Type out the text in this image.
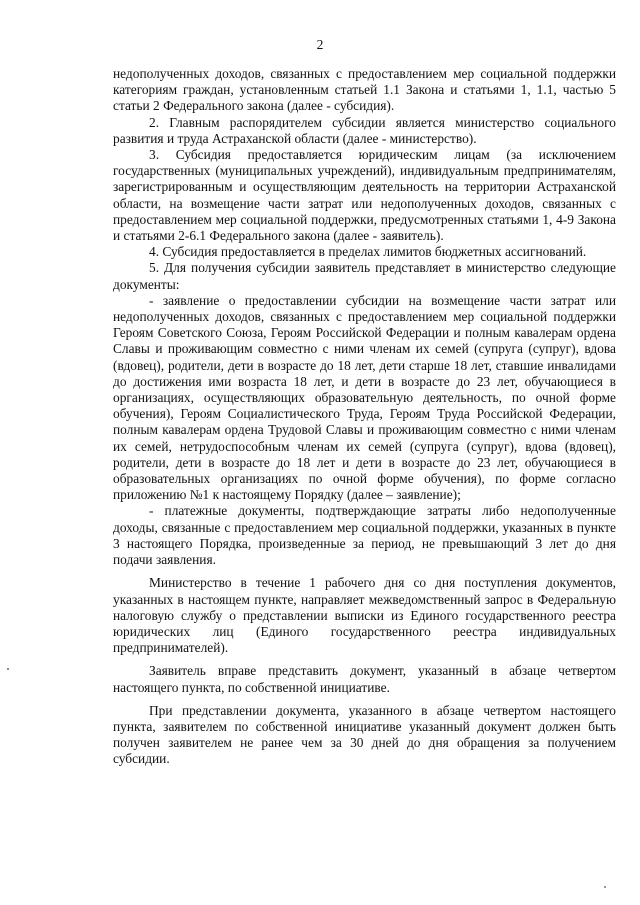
2

недополученных доходов, связанных с предоставлением мер социальной поддержки категориям граждан, установленным статьей 1.1 Закона и статьями 1, 1.1, частью 5 статьи 2 Федерального закона (далее - субсидия).

2. Главным распорядителем субсидии является министерство социального развития и труда Астраханской области (далее - министерство).

3. Субсидия предоставляется юридическим лицам (за исключением государственных (муниципальных учреждений), индивидуальным предпринимателям, зарегистрированным и осуществляющим деятельность на территории Астраханской области, на возмещение части затрат или недополученных доходов, связанных с предоставлением мер социальной поддержки, предусмотренных статьями 1, 4-9 Закона и статьями 2-6.1 Федерального закона (далее - заявитель).

4. Субсидия предоставляется в пределах лимитов бюджетных ассигнований.

5. Для получения субсидии заявитель представляет в министерство следующие документы:

- заявление о предоставлении субсидии на возмещение части затрат или недополученных доходов, связанных с предоставлением мер социальной поддержки Героям Советского Союза, Героям Российской Федерации и полным кавалерам ордена Славы и проживающим совместно с ними членам их семей (супруга (супруг), вдова (вдовец), родители, дети в возрасте до 18 лет, дети старше 18 лет, ставшие инвалидами до достижения ими возраста 18 лет, и дети в возрасте до 23 лет, обучающиеся в организациях, осуществляющих образовательную деятельность, по очной форме обучения), Героям Социалистического Труда, Героям Труда Российской Федерации, полным кавалерам ордена Трудовой Славы и проживающим совместно с ними членам их семей, нетрудоспособным членам их семей (супруга (супруг), вдова (вдовец), родители, дети в возрасте до 18 лет и дети в возрасте до 23 лет, обучающиеся в образовательных организациях по очной форме обучения), по форме согласно приложению №1 к настоящему Порядку (далее – заявление);

- платежные документы, подтверждающие затраты либо недополученные доходы, связанные с предоставлением мер социальной поддержки, указанных в пункте 3 настоящего Порядка, произведенные за период, не превышающий 3 лет до дня подачи заявления.

Министерство в течение 1 рабочего дня со дня поступления документов, указанных в настоящем пункте, направляет межведомственный запрос в Федеральную налоговую службу о представлении выписки из Единого государственного реестра юридических лиц (Единого государственного реестра индивидуальных предпринимателей).

Заявитель вправе представить документ, указанный в абзаце четвертом настоящего пункта, по собственной инициативе.

При представлении документа, указанного в абзаце четвертом настоящего пункта, заявителем по собственной инициативе указанный документ должен быть получен заявителем не ранее чем за 30 дней до дня обращения за получением субсидии.
